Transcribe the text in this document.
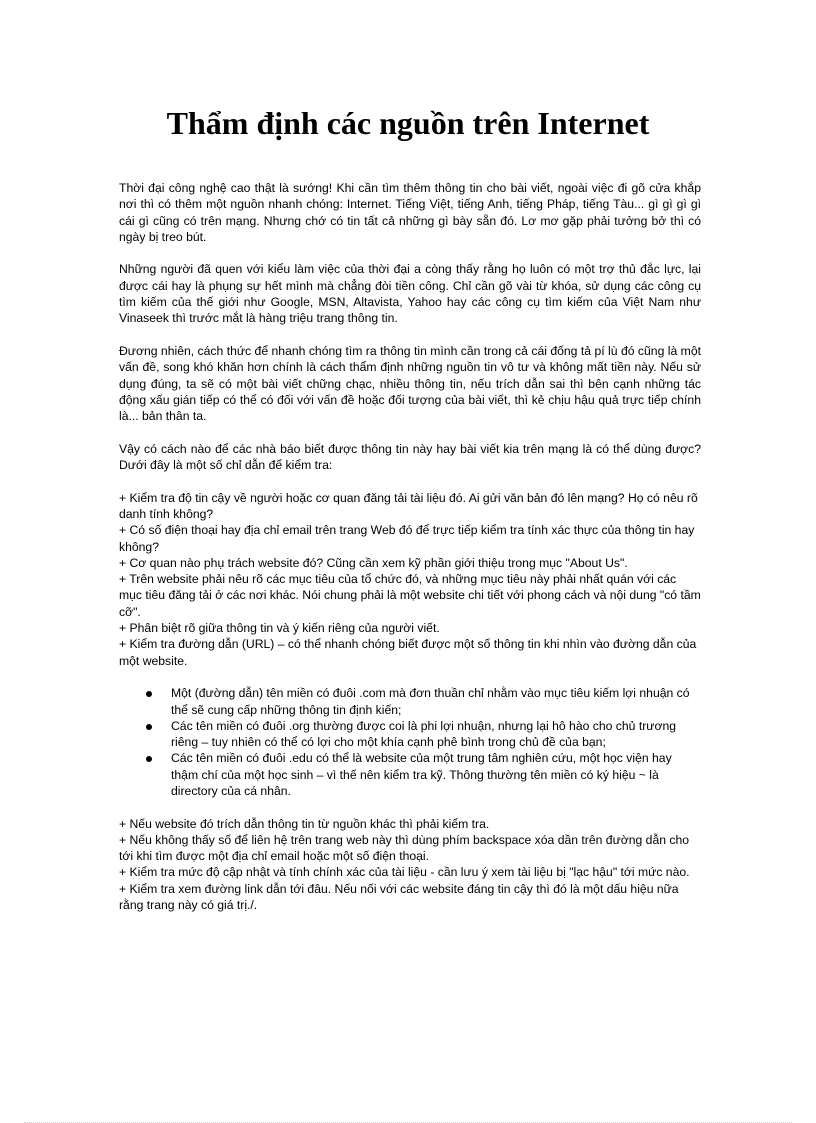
Thẩm định các nguồn trên Internet

Thời đại công nghệ cao thật là sướng! Khi cần tìm thêm thông tin cho bài viết, ngoài việc đi gõ cửa khắp nơi thì có thêm một nguồn nhanh chóng: Internet. Tiếng Việt, tiếng Anh, tiếng Pháp, tiếng Tàu... gì gì gì gì cái gì cũng có trên mạng. Nhưng chớ có tin tất cả những gì bày sẵn đó. Lơ mơ gặp phải tưởng bở thì có ngày bị treo bút.

Những người đã quen với kiểu làm việc của thời đại a còng thấy rằng họ luôn có một trợ thủ đắc lực, lại được cái hay là phụng sự hết mình mà chẳng đòi tiền công. Chỉ cần gõ vài từ khóa, sử dụng các công cụ tìm kiếm của thế giới như Google, MSN, Altavista, Yahoo hay các công cụ tìm kiếm của Việt Nam như Vinaseek thì trước mắt là hàng triệu trang thông tin.

Đương nhiên, cách thức để nhanh chóng tìm ra thông tin mình cần trong cả cái đống tả pí lù đó cũng là một vấn đề, song khó khăn hơn chính là cách thẩm định những nguồn tin vô tư và không mất tiền này. Nếu sử dụng đúng, ta sẽ có một bài viết chững chạc, nhiều thông tin, nếu trích dẫn sai thì bên cạnh những tác động xấu gián tiếp có thể có đối với vấn đề hoặc đối tượng của bài viết, thì kẻ chịu hậu quả trực tiếp chính là... bản thân ta.

Vậy có cách nào để các nhà báo biết được thông tin này hay bài viết kia trên mạng là có thể dùng được? Dưới đây là một số chỉ dẫn để kiểm tra:

+ Kiểm tra độ tin cậy về người hoặc cơ quan đăng tải tài liệu đó. Ai gửi văn bản đó lên mạng? Họ có nêu rõ danh tính không?
+ Có số điện thoại hay địa chỉ email trên trang Web đó để trực tiếp kiểm tra tính xác thực của thông tin hay không?
+ Cơ quan nào phụ trách website đó? Cũng cần xem kỹ phần giới thiệu trong mục "About Us".
+ Trên website phải nêu rõ các mục tiêu của tổ chức đó, và những mục tiêu này phải nhất quán với các mục tiêu đăng tải ở các nơi khác. Nói chung phải là một website chi tiết với phong cách và nội dung "có tầm cỡ".
+ Phân biệt rõ giữa thông tin và ý kiến riêng của người viết.
+ Kiểm tra đường dẫn (URL) – có thể nhanh chóng biết được một số thông tin khi nhìn vào đường dẫn của một website.
Một (đường dẫn) tên miền có đuôi .com mà đơn thuần chỉ nhằm vào mục tiêu kiếm lợi nhuận có thể sẽ cung cấp những thông tin định kiến;
Các tên miền có đuôi .org thường được coi là phi lợi nhuận, nhưng lại hô hào cho chủ trương riêng – tuy nhiên có thể có lợi cho một khía cạnh phê bình trong chủ đề của bạn;
Các tên miền có đuôi .edu có thể là website của một trung tâm nghiên cứu, một học viện hay thậm chí của một học sinh – vì thế nên kiểm tra kỹ. Thông thường tên miền có ký hiệu ~ là directory của cá nhân.
+ Nếu website đó trích dẫn thông tin từ nguồn khác thì phải kiểm tra.
+ Nếu không thấy số để liên hệ trên trang web này thì dùng phím backspace xóa dần trên đường dẫn cho tới khi tìm được một địa chỉ email hoặc một số điện thoại.
+ Kiểm tra mức độ cập nhật và tính chính xác của tài liệu - cần lưu ý xem tài liệu bị "lạc hậu" tới mức nào.
+ Kiểm tra xem đường link dẫn tới đâu. Nếu nối với các website đáng tin cậy thì đó là một dấu hiệu nữa rằng trang này có giá trị./.
